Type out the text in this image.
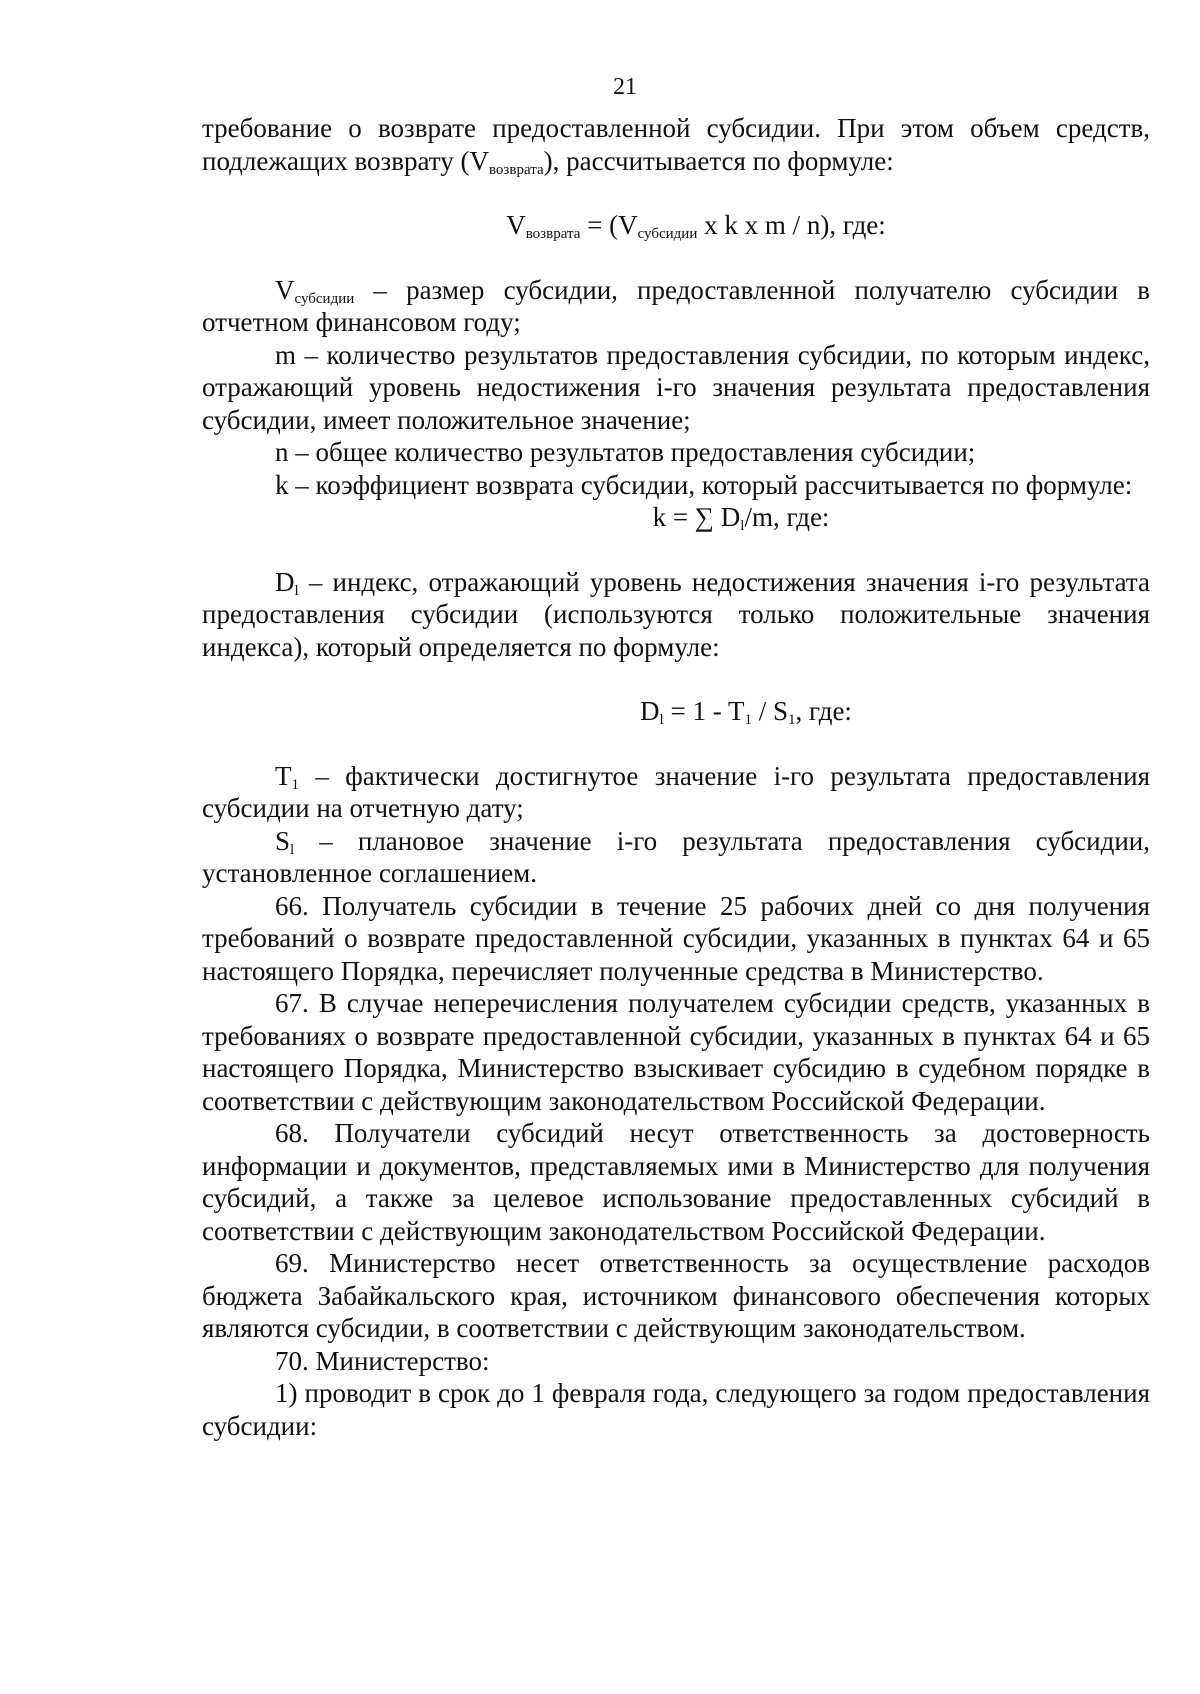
21

требование о возврате предоставленной субсидии. При этом объем средств, подлежащих возврату $(V_{возврата})$, рассчитывается по формуле:

$V_{возврата} = (V_{субсидии}$ x k x m / n), где:

$V_{субсидии}$ – размер субсидии, предоставленной получателю субсидии в отчетном финансовом году;

m – количество результатов предоставления субсидии, по которым индекс, отражающий уровень недостижения i-го значения результата предоставления субсидии, имеет положительное значение;

n – общее количество результатов предоставления субсидии;

k – коэффициент возврата субсидии, который рассчитывается по формуле:

k = ∑ $D_l/m$, где:

$D_l$ – индекс, отражающий уровень недостижения значения i-го результата предоставления субсидии (используются только положительные значения индекса), который определяется по формуле:

$D_l = 1 - T_1 / S_1$, где:

$T_1$ – фактически достигнутое значение i-го результата предоставления субсидии на отчетную дату;

$S_l$ – плановое значение i-го результата предоставления субсидии, установленное соглашением.

66. Получатель субсидии в течение 25 рабочих дней со дня получения требований о возврате предоставленной субсидии, указанных в пунктах 64 и 65 настоящего Порядка, перечисляет полученные средства в Министерство.

67. В случае неперечисления получателем субсидии средств, указанных в требованиях о возврате предоставленной субсидии, указанных в пунктах 64 и 65 настоящего Порядка, Министерство взыскивает субсидию в судебном порядке в соответствии с действующим законодательством Российской Федерации.

68. Получатели субсидий несут ответственность за достоверность информации и документов, представляемых ими в Министерство для получения субсидий, а также за целевое использование предоставленных субсидий в соответствии с действующим законодательством Российской Федерации.

69. Министерство несет ответственность за осуществление расходов бюджета Забайкальского края, источником финансового обеспечения которых являются субсидии, в соответствии с действующим законодательством.

70. Министерство:

1) проводит в срок до 1 февраля года, следующего за годом предоставления субсидии:
